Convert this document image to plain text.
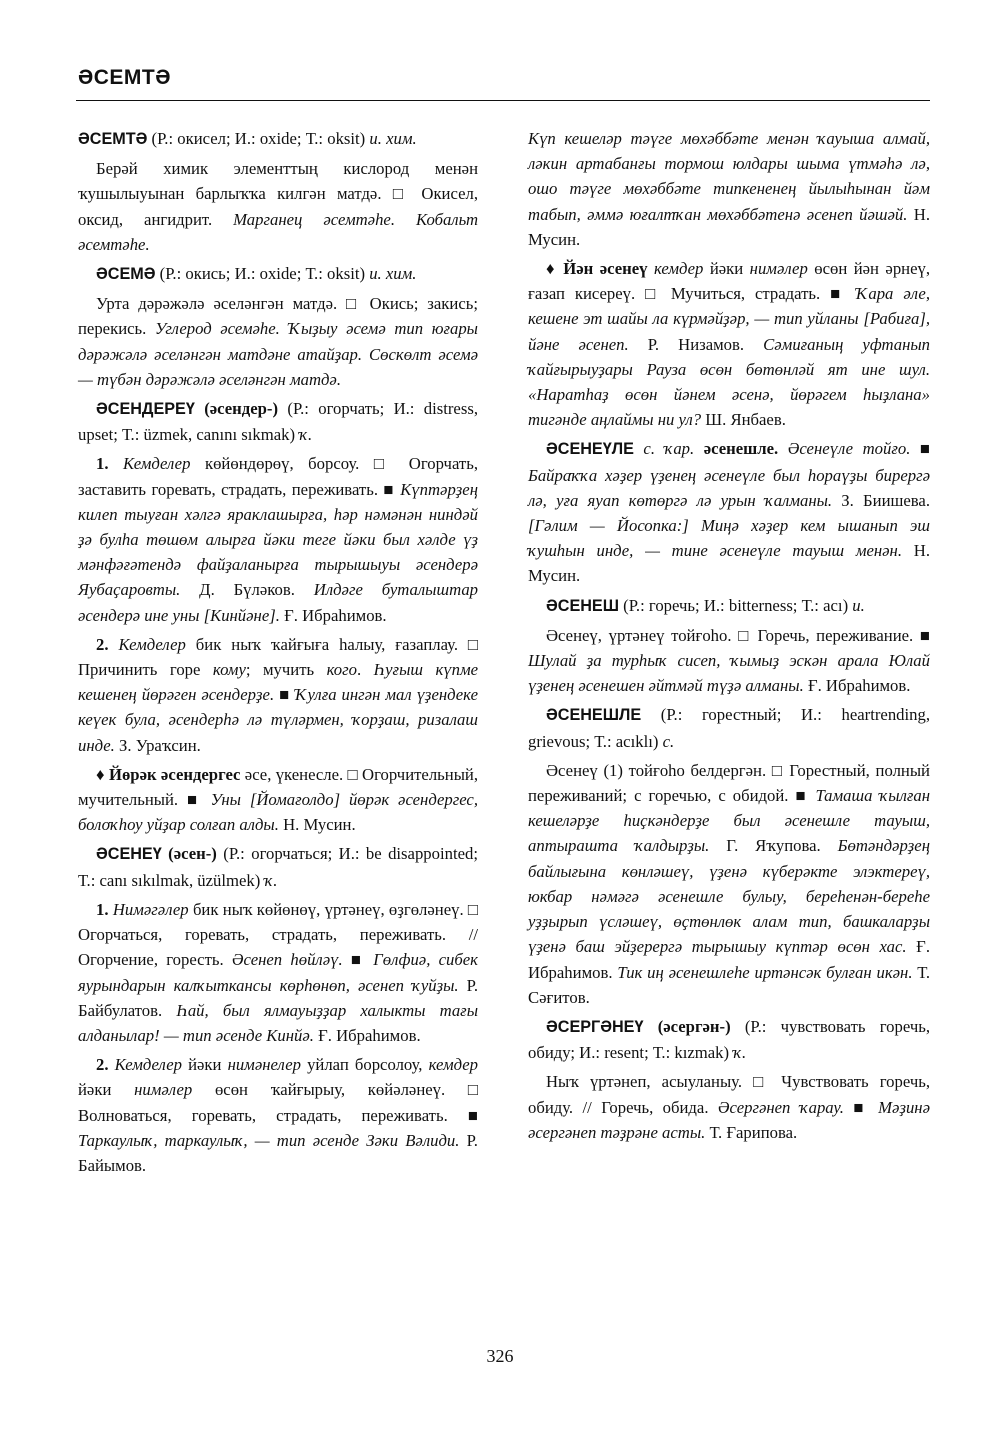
ӘСЕМТӘ

ӘСЕМТӘ (Р.: окисел; И.: oxide; Т.: oksit) и. хим.

Берәй химик элементтың кислород менән ҡушылыуынан барлыҡҡа килгән матдә. □ Окисел, оксид, ангидрит. Марганец әсемтәһе. Кобальт әсемтәһе.

ӘСЕМӘ (Р.: окись; И.: oxide; Т.: oksit) и. хим.

Урта дәрәжәлә әселәнгән матдә. □ Окись; закись; перекись. Углерод әсемәһе. Ҡыҙыу әсемә тип юғары дәрәжәлә әселәнгән матдәне атайҙар. Сөскөлт әсемә — түбән дәрәжәлә әселәнгән матдә.

ӘСЕНДЕРЕҮ (әсендер-) (Р.: огорчать; И.: distress, upset; Т.: üzmek, canını sıkmak) ҡ.

1. Кемделер көйөндөрөү, борсоу. □ Огорчать, заставить горевать, страдать, переживать. ■ Күптәрҙең килеп тыуған хәлгә яраклашырға, һәр нәмәнән ниндәй ҙә булһа төшөм алырға йәки теге йәки был хәлде үҙ мәнфәғәтендә файҙаланырға тырышыуы әсендерә Яубаҫаровты. Д. Бүләков. Илдәге буталыштар әсендерә ине уны [Кинйәне]. Ғ. Ибраһимов.

2. Кемделер бик ныҡ ҡайғыға һалыу, ғазаплау. □ Причинить горе кому; мучить кого. Һуғыш күпме кешенең йөрәген әсендерҙе. ■ Ҡулға ингән мал үҙендеке кеүек була, әсендерһә лә түләрмен, ҡорҙаш, ризалаш инде. З. Ураҡсин.

♦ Йөрәк әсендергес әсе, үкенесле. □ Огорчительный, мучительный. ■ Уны [Йомағолдо] йөрәк әсендергес, болоҡһоу уйҙар солғап алды. Н. Мусин.

ӘСЕНЕҮ (әсен-) (Р.: огорчаться; И.: be disappointed; Т.: canı sıkılmak, üzülmek) ҡ.

1. Нимәгәлер бик ныҡ көйөнөү, үртәнеү, өҙгөләнеү. □ Огорчаться, горевать, страдать, переживать. // Огорчение, горесть. Әсенеп һөйләү. ■ Гөлфиә, сибек яурындарын калҡыткансы көрһөнөп, әсенеп ҡуйҙы. Р. Байбулатов. Һай, был ялмауыҙҙар халыкты тағы алданылар! — тип әсенде Кинйә. Ғ. Ибраһимов.

2. Кемделер йәки нимәнелер уйлап борсолоу, кемдер йәки нимәлер өсөн ҡайғырыу, көйәләнеү. □ Волноваться, горевать, страдать, переживать. ■ Таркаулыҡ, таркаулыҡ, — тип әсенде Зәки Вәлиди. Р. Байымов.

Күп кешеләр тәүге мөхәббәте менән ҡауыша алмай, ләкин артабанғы тормош юлдары шыма үтмәһә лә, ошо тәүге мөхәббәте типкененең йылыһынан йәм табып, әммә юғалтҡан мөхәббәтенә әсенеп йәшәй. Н. Мусин.

♦ Йән әсенеү кемдер йәки нимәлер өсөн йән әрнеү, ғазап кисереү. □ Мучиться, страдать. ■ Ҡара әле, кешене эт шайы ла күрмәйҙәр, — тип уйланы [Рабиға], йәне әсенеп. Р. Низамов. Сәмиғаның уфтанып ҡайғырыуҙары Рауза өсөн бөтөнләй ят ине шул. «Наратһаҙ өсөн йәнем әсенә, йөрәгем һыҙлана» тигәнде аңлаймы ни ул? Ш. Янбаев.

ӘСЕНЕҮЛЕ с. ҡар. әсенешле. Әсенеүле тойғо. ■ Байраҡҡа хәҙер үҙенең әсенеүле был һораүҙы бирергә лә, уға яуап көтөргә лә урын ҡалманы. З. Биишева. [Гәлим — Йосопка:] Миңә хәҙер кем ышанып эш ҡушһын инде, — тине әсенеүле тауыш менән. Н. Мусин.

ӘСЕНЕШ (Р.: горечь; И.: bitterness; Т.: acı) и.

Әсенеү, үртәнеү тойғоһо. □ Горечь, переживание. ■ Шулай ҙа турһыҡ сисеп, ҡымыҙ эскән арала Юлай үҙенең әсенешен әйтмәй түҙә алманы. Ғ. Ибраһимов.

ӘСЕНЕШЛЕ (Р.: горестный; И.: heartrending, grievous; Т.: acıklı) с.

Әсенеү (1) тойғоһо белдергән. □ Горестный, полный переживаний; с горечью, с обидой. ■ Тамаша ҡылған кешеләрҙе һиҫкәндерҙе был әсенешле тауыш, аптырашта ҡалдырҙы. Г. Яҡупова. Бөтәндәрҙең байлығына көнләшеү, үҙенә күберәкте элэктереү, юкбар нәмәгә әсенешле булыу, береһенән-береһе уҙҙырып үсләшеү, өҫтөнлөк алам тип, башкаларҙы үҙенә баш эйҙерергә тырышыу күптәр өсөн хас. Ғ. Ибраһимов. Тик иң әсенешлеһе иртәнсәк булған икән. Т. Сәғитов.

ӘСЕРГӘНЕҮ (әсергән-) (Р.: чувствовать горечь, обиду; И.: resent; Т.: kızmak) ҡ.

Ныҡ үртәнеп, асыуланыу. □ Чувствовать горечь, обиду. // Горечь, обида. Әсергәнеп ҡарау. ■ Мәҙинә әсергәнеп тәҙрәне асты. Т. Ғарипова.

326
